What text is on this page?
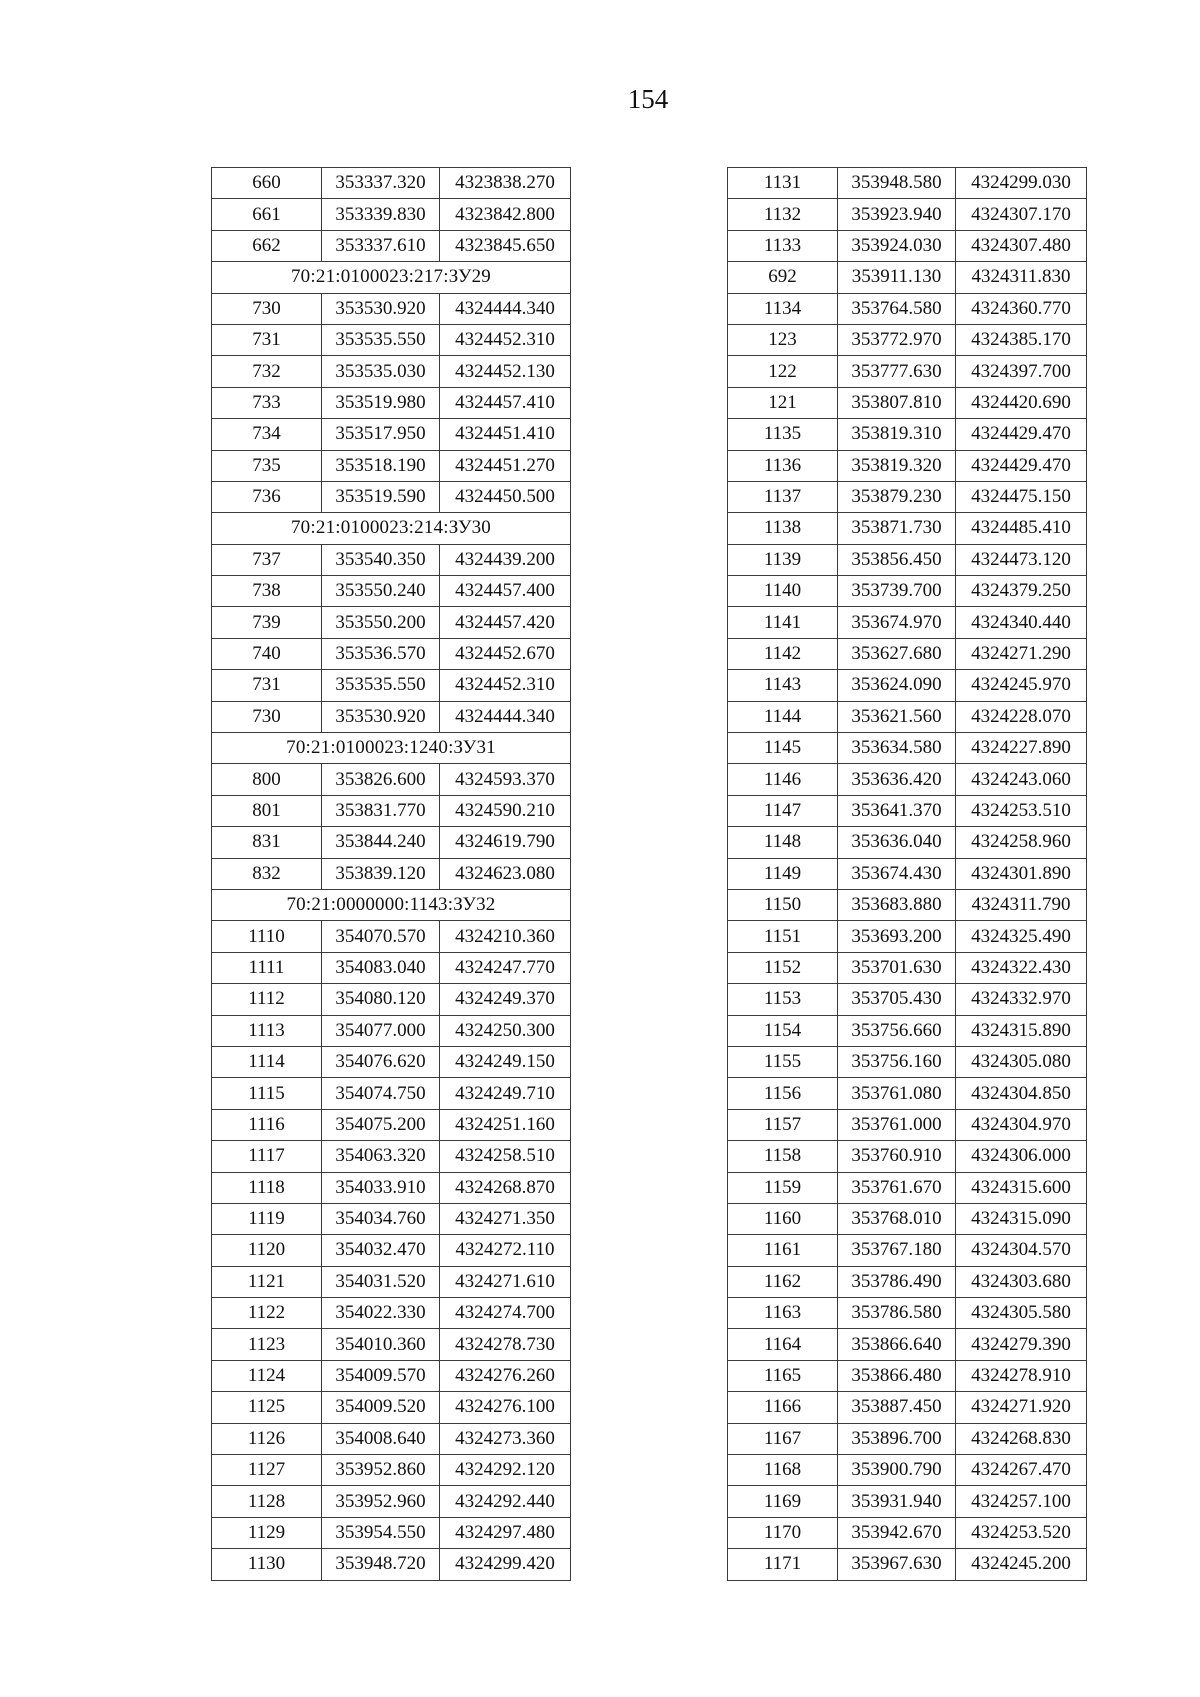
154
660	353337.320	4323838.270
661	353339.830	4323842.800
662	353337.610	4323845.650
70:21:0100023:217:ЗУ29		
730	353530.920	4324444.340
731	353535.550	4324452.310
732	353535.030	4324452.130
733	353519.980	4324457.410
734	353517.950	4324451.410
735	353518.190	4324451.270
736	353519.590	4324450.500
70:21:0100023:214:ЗУ30		
737	353540.350	4324439.200
738	353550.240	4324457.400
739	353550.200	4324457.420
740	353536.570	4324452.670
731	353535.550	4324452.310
730	353530.920	4324444.340
70:21:0100023:1240:ЗУ31		
800	353826.600	4324593.370
801	353831.770	4324590.210
831	353844.240	4324619.790
832	353839.120	4324623.080
70:21:0000000:1143:ЗУ32		
1110	354070.570	4324210.360
1111	354083.040	4324247.770
1112	354080.120	4324249.370
1113	354077.000	4324250.300
1114	354076.620	4324249.150
1115	354074.750	4324249.710
1116	354075.200	4324251.160
1117	354063.320	4324258.510
1118	354033.910	4324268.870
1119	354034.760	4324271.350
1120	354032.470	4324272.110
1121	354031.520	4324271.610
1122	354022.330	4324274.700
1123	354010.360	4324278.730
1124	354009.570	4324276.260
1125	354009.520	4324276.100
1126	354008.640	4324273.360
1127	353952.860	4324292.120
1128	353952.960	4324292.440
1129	353954.550	4324297.480
1130	353948.720	4324299.420
1131	353948.580	4324299.030
1132	353923.940	4324307.170
1133	353924.030	4324307.480
692	353911.130	4324311.830
1134	353764.580	4324360.770
123	353772.970	4324385.170
122	353777.630	4324397.700
121	353807.810	4324420.690
1135	353819.310	4324429.470
1136	353819.320	4324429.470
1137	353879.230	4324475.150
1138	353871.730	4324485.410
1139	353856.450	4324473.120
1140	353739.700	4324379.250
1141	353674.970	4324340.440
1142	353627.680	4324271.290
1143	353624.090	4324245.970
1144	353621.560	4324228.070
1145	353634.580	4324227.890
1146	353636.420	4324243.060
1147	353641.370	4324253.510
1148	353636.040	4324258.960
1149	353674.430	4324301.890
1150	353683.880	4324311.790
1151	353693.200	4324325.490
1152	353701.630	4324322.430
1153	353705.430	4324332.970
1154	353756.660	4324315.890
1155	353756.160	4324305.080
1156	353761.080	4324304.850
1157	353761.000	4324304.970
1158	353760.910	4324306.000
1159	353761.670	4324315.600
1160	353768.010	4324315.090
1161	353767.180	4324304.570
1162	353786.490	4324303.680
1163	353786.580	4324305.580
1164	353866.640	4324279.390
1165	353866.480	4324278.910
1166	353887.450	4324271.920
1167	353896.700	4324268.830
1168	353900.790	4324267.470
1169	353931.940	4324257.100
1170	353942.670	4324253.520
1171	353967.630	4324245.200
